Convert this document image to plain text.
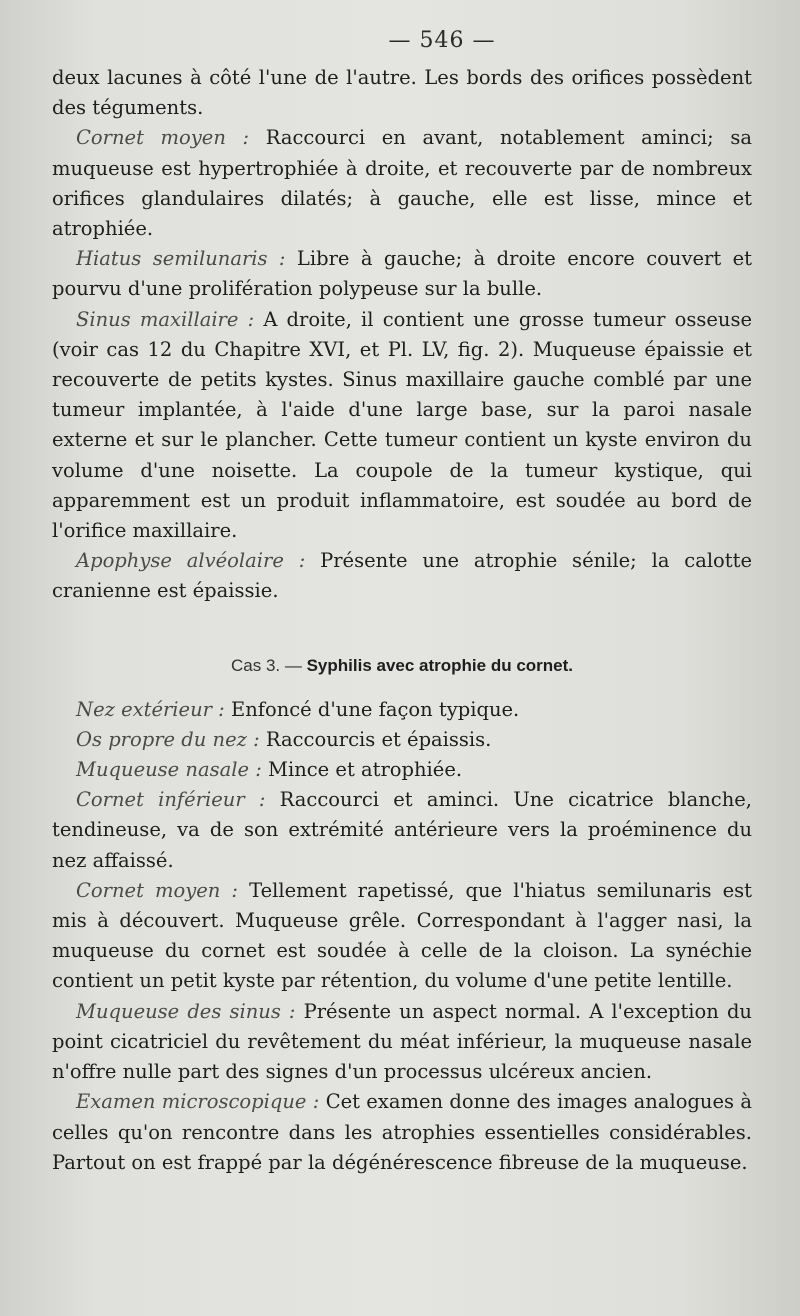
— 546 —

deux lacunes à côté l'une de l'autre. Les bords des orifices possèdent des téguments.

Cornet moyen : Raccourci en avant, notablement aminci; sa muqueuse est hypertrophiée à droite, et recouverte par de nombreux orifices glandulaires dilatés; à gauche, elle est lisse, mince et atrophiée.

Hiatus semilunaris : Libre à gauche; à droite encore couvert et pourvu d'une prolifération polypeuse sur la bulle.

Sinus maxillaire : A droite, il contient une grosse tumeur osseuse (voir cas 12 du Chapitre XVI, et Pl. LV, fig. 2). Muqueuse épaissie et recouverte de petits kystes. Sinus maxillaire gauche comblé par une tumeur implantée, à l'aide d'une large base, sur la paroi nasale externe et sur le plancher. Cette tumeur contient un kyste environ du volume d'une noisette. La coupole de la tumeur kystique, qui apparemment est un produit inflammatoire, est soudée au bord de l'orifice maxillaire.

Apophyse alvéolaire : Présente une atrophie sénile; la calotte cranienne est épaissie.

Cas 3. — Syphilis avec atrophie du cornet.

Nez extérieur : Enfoncé d'une façon typique.

Os propre du nez : Raccourcis et épaissis.

Muqueuse nasale : Mince et atrophiée.

Cornet inférieur : Raccourci et aminci. Une cicatrice blanche, tendineuse, va de son extrémité antérieure vers la proéminence du nez affaissé.

Cornet moyen : Tellement rapetissé, que l'hiatus semilunaris est mis à découvert. Muqueuse grêle. Correspondant à l'agger nasi, la muqueuse du cornet est soudée à celle de la cloison. La synéchie contient un petit kyste par rétention, du volume d'une petite lentille.

Muqueuse des sinus : Présente un aspect normal. A l'exception du point cicatriciel du revêtement du méat inférieur, la muqueuse nasale n'offre nulle part des signes d'un processus ulcéreux ancien.

Examen microscopique : Cet examen donne des images analogues à celles qu'on rencontre dans les atrophies essentielles considérables. Partout on est frappé par la dégénérescence fibreuse de la muqueuse.
